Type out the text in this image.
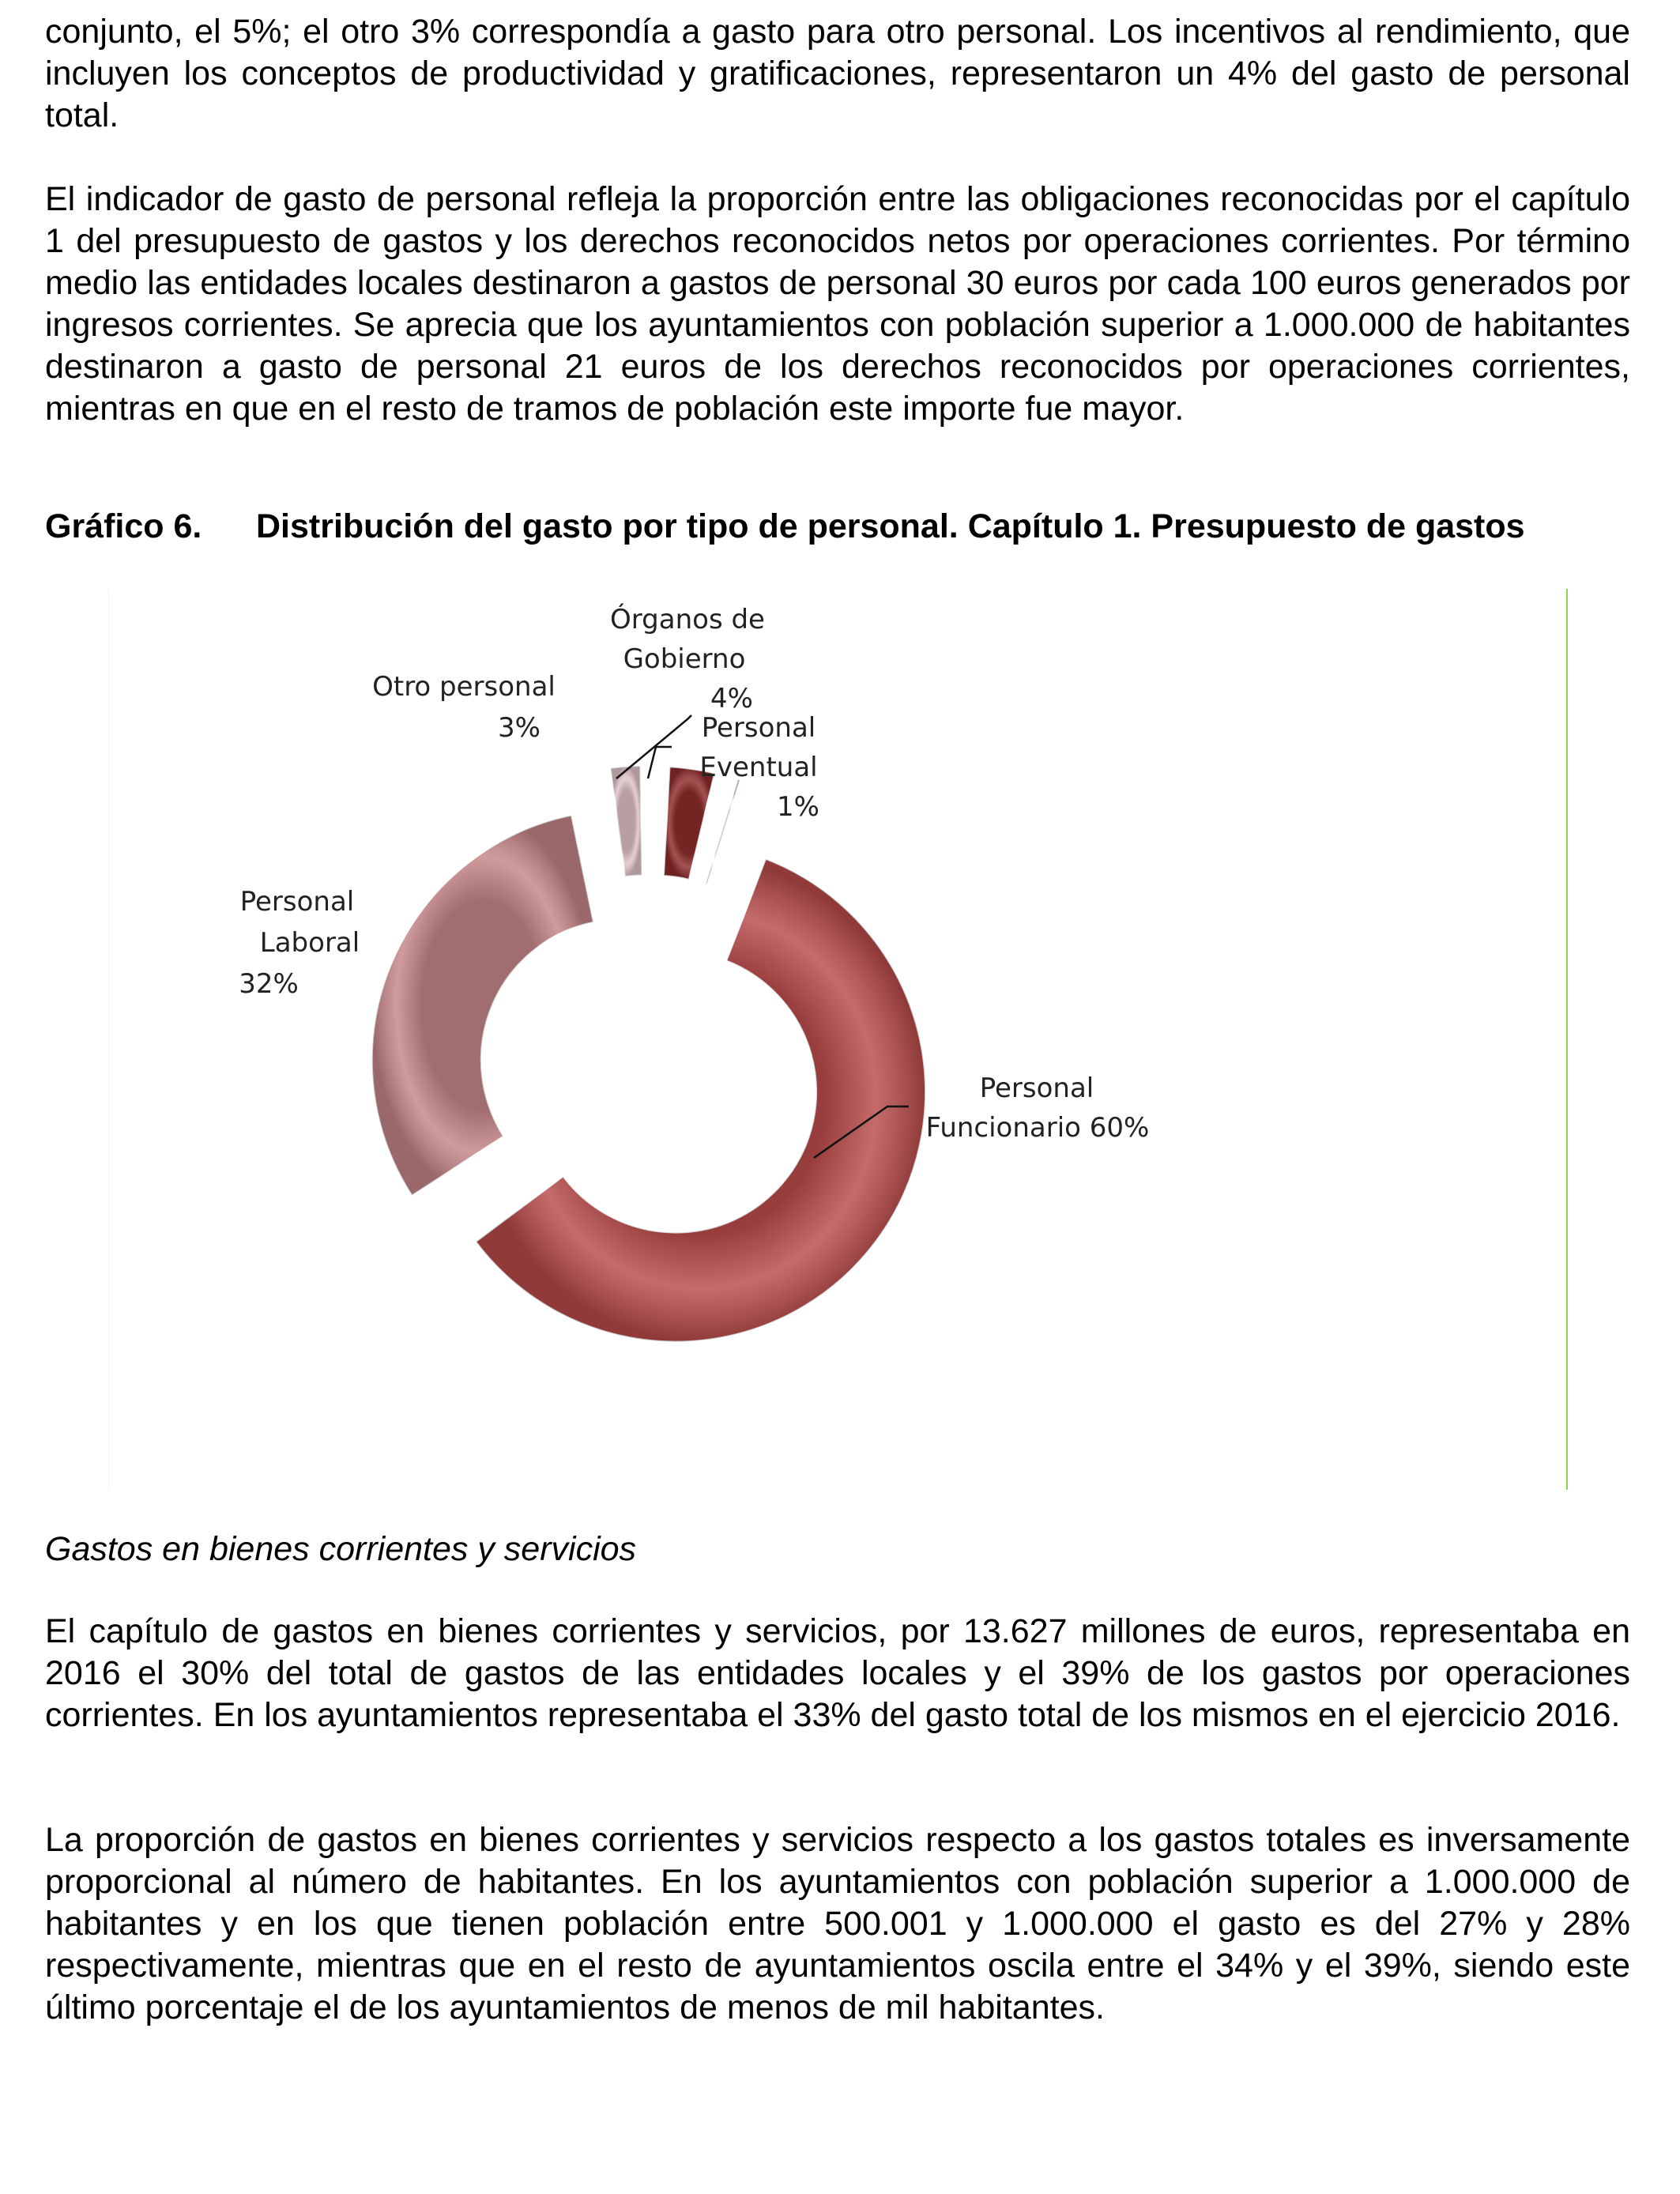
conjunto, el 5%; el otro 3% correspondía a gasto para otro personal. Los incentivos al rendimiento, que incluyen los conceptos de productividad y gratificaciones, representaron un 4% del gasto de personal total.

El indicador de gasto de personal refleja la proporción entre las obligaciones reconocidas por el capítulo 1 del presupuesto de gastos y los derechos reconocidos netos por operaciones corrientes. Por término medio las entidades locales destinaron a gastos de personal 30 euros por cada 100 euros generados por ingresos corrientes. Se aprecia que los ayuntamientos con población superior a 1.000.000 de habitantes destinaron a gasto de personal 21 euros de los derechos reconocidos por operaciones corrientes, mientras en que en el resto de tramos de población este importe fue mayor.

Gráfico 6. Distribución del gasto por tipo de personal. Capítulo 1. Presupuesto de gastos
Personal
Funcionario 60%
Personal
Laboral
32%
Otro personal
3%
Órganos de
Gobierno
4%
Personal
Eventual
1%

Gastos en bienes corrientes y servicios

El capítulo de gastos en bienes corrientes y servicios, por 13.627 millones de euros, representaba en 2016 el 30% del total de gastos de las entidades locales y el 39% de los gastos por operaciones corrientes. En los ayuntamientos representaba el 33% del gasto total de los mismos en el ejercicio 2016.

La proporción de gastos en bienes corrientes y servicios respecto a los gastos totales es inversamente proporcional al número de habitantes. En los ayuntamientos con población superior a 1.000.000 de habitantes y en los que tienen población entre 500.001 y 1.000.000 el gasto es del 27% y 28% respectivamente, mientras que en el resto de ayuntamientos oscila entre el 34% y el 39%, siendo este último porcentaje el de los ayuntamientos de menos de mil habitantes.
